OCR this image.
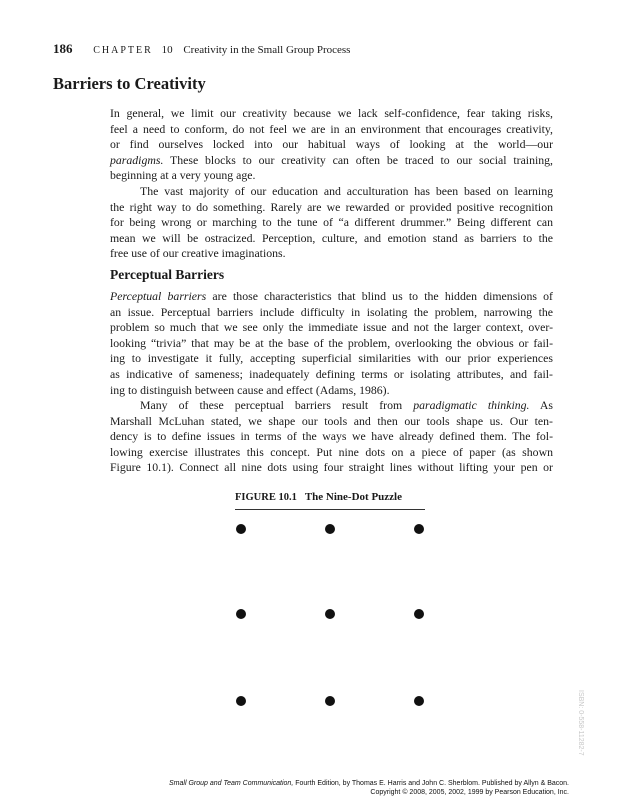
186 CHAPTER 10 Creativity in the Small Group Process
Barriers to Creativity

In general, we limit our creativity because we lack self-confidence, fear taking risks,
feel a need to conform, do not feel we are in an environment that encourages creativity,
or find ourselves locked into our habitual ways of looking at the world—our
paradigms. These blocks to our creativity can often be traced to our social training,
beginning at a very young age.

The vast majority of our education and acculturation has been based on learning
the right way to do something. Rarely are we rewarded or provided positive recognition
for being wrong or marching to the tune of “a different drummer.” Being different can
mean we will be ostracized. Perception, culture, and emotion stand as barriers to the
free use of our creative imaginations.

Perceptual Barriers

Perceptual barriers are those characteristics that blind us to the hidden dimensions of
an issue. Perceptual barriers include difficulty in isolating the problem, narrowing the
problem so much that we see only the immediate issue and not the larger context, over-
looking “trivia” that may be at the base of the problem, overlooking the obvious or fail-
ing to investigate it fully, accepting superficial similarities with our prior experiences
as indicative of sameness; inadequately defining terms or isolating attributes, and fail-
ing to distinguish between cause and effect (Adams, 1986).

Many of these perceptual barriers result from paradigmatic thinking. As
Marshall McLuhan stated, we shape our tools and then our tools shape us. Our ten-
dency is to define issues in terms of the ways we have already defined them. The fol-
lowing exercise illustrates this concept. Put nine dots on a piece of paper (as shown
Figure 10.1). Connect all nine dots using four straight lines without lifting your pen or

FIGURE 10.1 The Nine-Dot Puzzle
ISBN: 0-558-11282-7
Small Group and Team Communication, Fourth Edition, by Thomas E. Harris and John C. Sherblom. Published by Allyn & Bacon.
Copyright © 2008, 2005, 2002, 1999 by Pearson Education, Inc.
